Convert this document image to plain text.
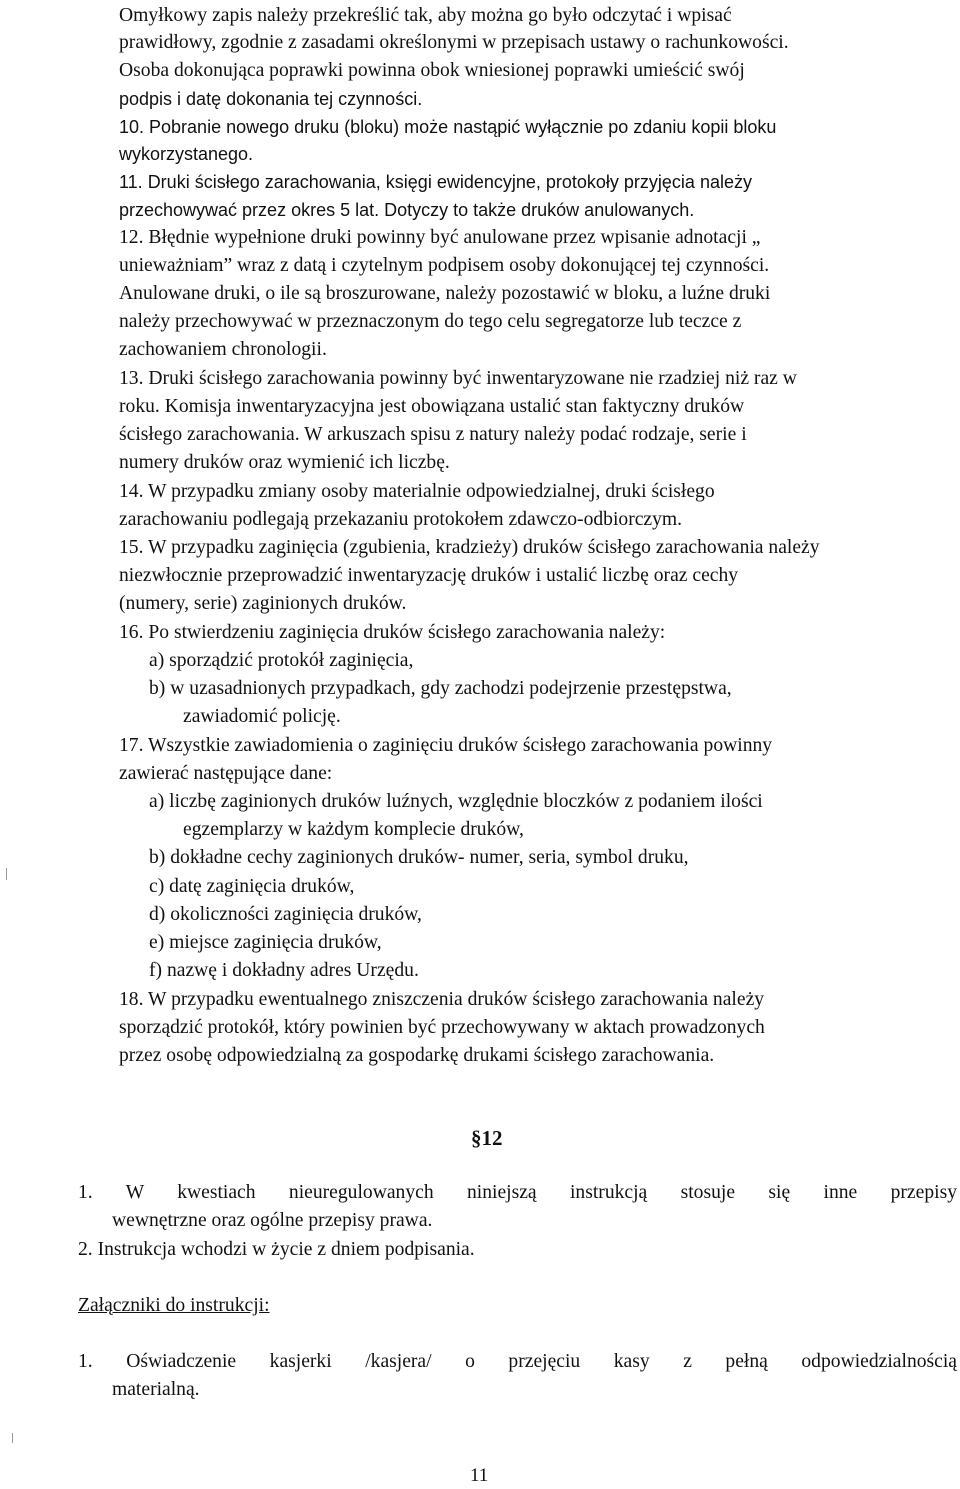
Omyłkowy zapis należy przekreślić tak, aby można go było odczytać i wpisać
prawidłowy, zgodnie z zasadami określonymi w przepisach ustawy o rachunkowości.
Osoba dokonująca poprawki powinna obok wniesionej poprawki umieścić swój
podpis i datę dokonania tej czynności.
10. Pobranie nowego druku (bloku) może nastąpić wyłącznie po zdaniu kopii bloku
wykorzystanego.
11. Druki ścisłego zarachowania, księgi ewidencyjne, protokoły przyjęcia należy
przechowywać przez okres 5 lat. Dotyczy to także druków anulowanych.
12. Błędnie wypełnione druki powinny być anulowane przez wpisanie adnotacji „
unieważniam” wraz z datą i czytelnym podpisem osoby dokonującej tej czynności.
Anulowane druki, o ile są broszurowane, należy pozostawić w bloku, a luźne druki
należy przechowywać w przeznaczonym do tego celu segregatorze lub teczce z
zachowaniem chronologii.
13. Druki ścisłego zarachowania powinny być inwentaryzowane nie rzadziej niż raz w
roku. Komisja inwentaryzacyjna jest obowiązana ustalić stan faktyczny druków
ścisłego zarachowania. W arkuszach spisu z natury należy podać rodzaje, serie i
numery druków oraz wymienić ich liczbę.
14. W przypadku zmiany osoby materialnie odpowiedzialnej, druki ścisłego
zarachowaniu podlegają przekazaniu protokołem zdawczo-odbiorczym.
15. W przypadku zaginięcia (zgubienia, kradzieży) druków ścisłego zarachowania należy
niezwłocznie przeprowadzić inwentaryzację druków i ustalić liczbę oraz cechy
(numery, serie) zaginionych druków.
16. Po stwierdzeniu zaginięcia druków ścisłego zarachowania należy:
a) sporządzić protokół zaginięcia,
b) w uzasadnionych przypadkach, gdy zachodzi podejrzenie przestępstwa,
zawiadomić policję.
17. Wszystkie zawiadomienia o zaginięciu druków ścisłego zarachowania powinny
zawierać następujące dane:
a) liczbę zaginionych druków luźnych, względnie bloczków z podaniem ilości
egzemplarzy w każdym komplecie druków,
b) dokładne cechy zaginionych druków- numer, seria, symbol druku,
c) datę zaginięcia druków,
d) okoliczności zaginięcia druków,
e) miejsce zaginięcia druków,
f) nazwę i dokładny adres Urzędu.
18. W przypadku ewentualnego zniszczenia druków ścisłego zarachowania należy
sporządzić protokół, który powinien być przechowywany w aktach prowadzonych
przez osobę odpowiedzialną za gospodarkę drukami ścisłego zarachowania.
§12
1. W kwestiach nieuregulowanych niniejszą instrukcją stosuje się inne przepisy
wewnętrzne oraz ogólne przepisy prawa.
2. Instrukcja wchodzi w życie z dniem podpisania.
Załączniki do instrukcji:
1. Oświadczenie kasjerki /kasjera/ o przejęciu kasy z pełną odpowiedzialnością
materialną.
11
